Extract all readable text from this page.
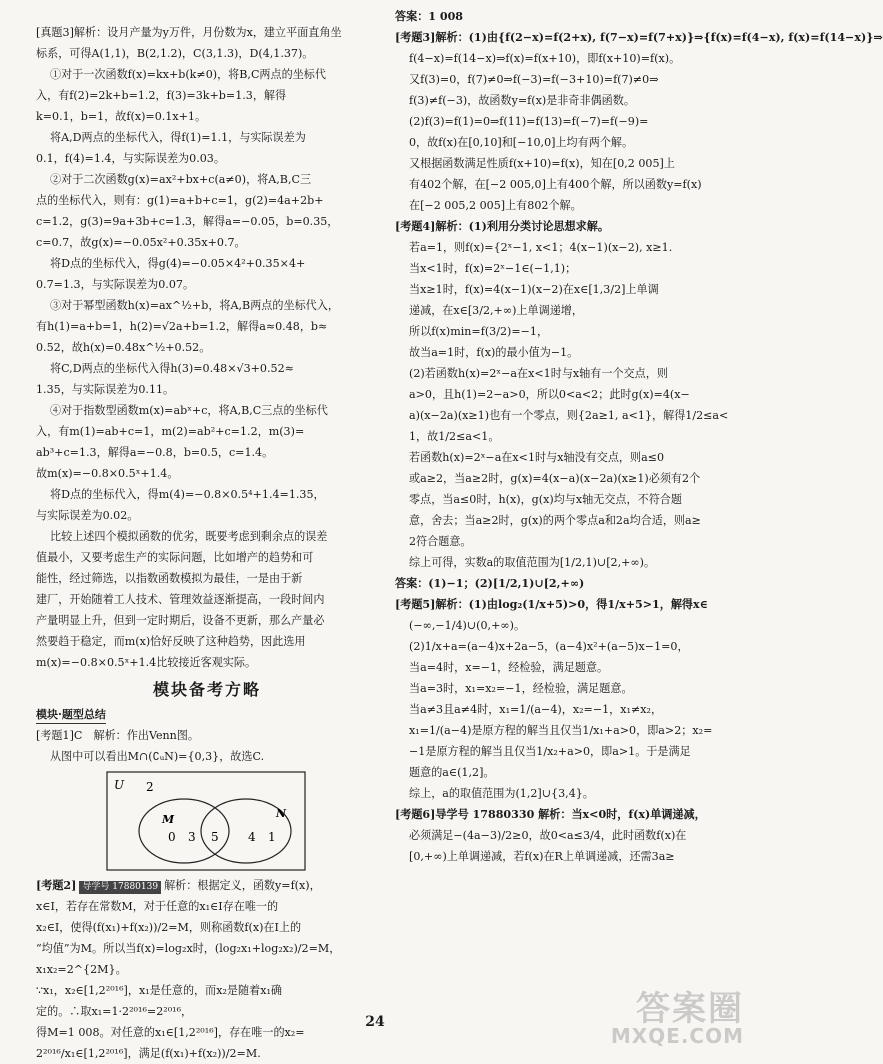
[真题3]解析：设月产量为y万件，月份数为x，建立平面直角坐
标系，可得A(1,1)，B(2,1.2)，C(3,1.3)，D(4,1.37)。
①对于一次函数f(x)=kx+b(k≠0)，将B,C两点的坐标代
入，有f(2)=2k+b=1.2，f(3)=3k+b=1.3，解得
k=0.1，b=1，故f(x)=0.1x+1。
将A,D两点的坐标代入，得f(1)=1.1，与实际误差为
0.1，f(4)=1.4，与实际误差为0.03。
②对于二次函数g(x)=ax²+bx+c(a≠0)，将A,B,C三
点的坐标代入，则有：g(1)=a+b+c=1，g(2)=4a+2b+
c=1.2，g(3)=9a+3b+c=1.3，解得a=−0.05，b=0.35，
c=0.7，故g(x)=−0.05x²+0.35x+0.7。
将D点的坐标代入，得g(4)=−0.05×4²+0.35×4+
0.7=1.3，与实际误差为0.07。
③对于幂型函数h(x)=ax^½+b，将A,B两点的坐标代入，
有h(1)=a+b=1，h(2)=√2a+b=1.2，解得a≈0.48，b≈
0.52，故h(x)=0.48x^½+0.52。
将C,D两点的坐标代入得h(3)=0.48×√3+0.52≈
1.35，与实际误差为0.11。
④对于指数型函数m(x)=abˣ+c，将A,B,C三点的坐标代
入，有m(1)=ab+c=1，m(2)=ab²+c=1.2，m(3)=
ab³+c=1.3，解得a=−0.8，b=0.5，c=1.4。
故m(x)=−0.8×0.5ˣ+1.4。
将D点的坐标代入，得m(4)=−0.8×0.5⁴+1.4=1.35，
与实际误差为0.02。
比较上述四个模拟函数的优劣，既要考虑到剩余点的误差
值最小，又要考虑生产的实际问题，比如增产的趋势和可
能性，经过筛选，以指数函数模拟为最佳，一是由于新
建厂，开始随着工人技术、管理效益逐渐提高，一段时间内
产量明显上升，但到一定时期后，设备不更新，那么产量必
然要趋于稳定，而m(x)恰好反映了这种趋势，因此选用
m(x)=−0.8×0.5ˣ+1.4比较接近客观实际。
模块备考方略
模块·题型总结
[考题1]C　解析：作出Venn图。
从图中可以看出M∩(∁ᵤN)={0,3}，故选C.
U 2
M	N
0 3 5 4 1
[考题2] 导学号 17880139 解析：根据定义，函数y=f(x)，
x∈I，若存在常数M，对于任意的x₁∈I存在唯一的
x₂∈I，使得(f(x₁)+f(x₂))/2=M，则称函数f(x)在I上的
“均值”为M。所以当f(x)=log₂x时，(log₂x₁+log₂x₂)/2=M，
x₁x₂=2^{2M}。
∵x₁，x₂∈[1,2²⁰¹⁶]，x₁是任意的，而x₂是随着x₁确
定的。∴取x₁=1·2²⁰¹⁶=2²⁰¹⁶，
得M=1 008。对任意的x₁∈[1,2²⁰¹⁶]，存在唯一的x₂=
2²⁰¹⁶/x₁∈[1,2²⁰¹⁶]，满足(f(x₁)+f(x₂))/2=M.
答案：1 008
[考题3]解析：(1)由{f(2−x)=f(2+x), f(7−x)=f(7+x)}⇒{f(x)=f(4−x), f(x)=f(14−x)}⇒
f(4−x)=f(14−x)⇒f(x)=f(x+10)，即f(x+10)=f(x)。
又f(3)=0，f(7)≠0⇒f(−3)=f(−3+10)=f(7)≠0⇒
f(3)≠f(−3)，故函数y=f(x)是非奇非偶函数。
(2)f(3)=f(1)=0⇒f(11)=f(13)=f(−7)=f(−9)=
0，故f(x)在[0,10]和[−10,0]上均有两个解。
又根据函数满足性质f(x+10)=f(x)，知在[0,2 005]上
有402个解，在[−2 005,0]上有400个解，所以函数y=f(x)
在[−2 005,2 005]上有802个解。
[考题4]解析：(1)利用分类讨论思想求解。
若a=1，则f(x)={2ˣ−1, x<1；4(x−1)(x−2), x≥1.
当x<1时，f(x)=2ˣ−1∈(−1,1)；
当x≥1时，f(x)=4(x−1)(x−2)在x∈[1,3/2]上单调
递减，在x∈[3/2,+∞)上单调递增，
所以f(x)min=f(3/2)=−1，
故当a=1时，f(x)的最小值为−1。
(2)若函数h(x)=2ˣ−a在x<1时与x轴有一个交点，则
a>0，且h(1)=2−a>0，所以0<a<2；此时g(x)=4(x−
a)(x−2a)(x≥1)也有一个零点，则{2a≥1, a<1}，解得1/2≤a<
1，故1/2≤a<1。
若函数h(x)=2ˣ−a在x<1时与x轴没有交点，则a≤0
或a≥2，当a≥2时，g(x)=4(x−a)(x−2a)(x≥1)必须有2个
零点，当a≤0时，h(x)，g(x)均与x轴无交点，不符合题
意，舍去；当a≥2时，g(x)的两个零点a和2a均合适，则a≥
2符合题意。
综上可得，实数a的取值范围为[1/2,1)∪[2,+∞)。
答案：(1)−1；(2)[1/2,1)∪[2,+∞)
[考题5]解析：(1)由log₂(1/x+5)>0，得1/x+5>1，解得x∈
(−∞,−1/4)∪(0,+∞)。
(2)1/x+a=(a−4)x+2a−5，(a−4)x²+(a−5)x−1=0，
当a=4时，x=−1，经检验，满足题意。
当a=3时，x₁=x₂=−1，经检验，满足题意。
当a≠3且a≠4时，x₁=1/(a−4)，x₂=−1，x₁≠x₂，
x₁=1/(a−4)是原方程的解当且仅当1/x₁+a>0，即a>2；x₂=
−1是原方程的解当且仅当1/x₂+a>0，即a>1。于是满足
题意的a∈(1,2]。
综上，a的取值范围为(1,2]∪{3,4}。
[考题6]导学号 17880330 解析：当x<0时，f(x)单调递减，
必须满足−(4a−3)/2≥0，故0<a≤3/4，此时函数f(x)在
[0,+∞)上单调递减，若f(x)在R上单调递减，还需3a≥
24	答案圈
MXQE.COM
